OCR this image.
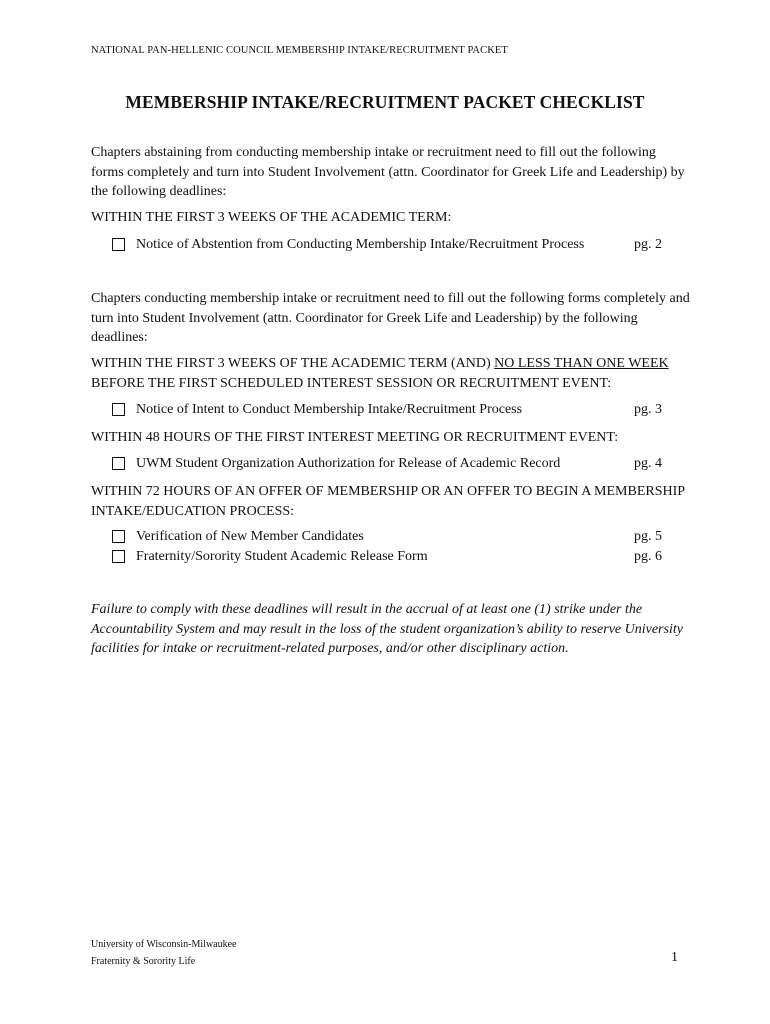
NATIONAL PAN-HELLENIC COUNCIL MEMBERSHIP INTAKE/RECRUITMENT PACKET
MEMBERSHIP INTAKE/RECRUITMENT PACKET CHECKLIST
Chapters abstaining from conducting membership intake or recruitment need to fill out the following forms completely and turn into Student Involvement (attn. Coordinator for Greek Life and Leadership) by the following deadlines:
WITHIN THE FIRST 3 WEEKS OF THE ACADEMIC TERM:
Notice of Abstention from Conducting Membership Intake/Recruitment Process	pg. 2
Chapters conducting membership intake or recruitment need to fill out the following forms completely and turn into Student Involvement (attn. Coordinator for Greek Life and Leadership) by the following deadlines:
WITHIN THE FIRST 3 WEEKS OF THE ACADEMIC TERM (AND) NO LESS THAN ONE WEEK BEFORE THE FIRST SCHEDULED INTEREST SESSION OR RECRUITMENT EVENT:
Notice of Intent to Conduct Membership Intake/Recruitment Process	pg. 3
WITHIN 48 HOURS OF THE FIRST INTEREST MEETING OR RECRUITMENT EVENT:
UWM Student Organization Authorization for Release of Academic Record	pg. 4
WITHIN 72 HOURS OF AN OFFER OF MEMBERSHIP OR AN OFFER TO BEGIN A MEMBERSHIP INTAKE/EDUCATION PROCESS:
Verification of New Member Candidates	pg. 5
Fraternity/Sorority Student Academic Release Form	pg. 6
Failure to comply with these deadlines will result in the accrual of at least one (1) strike under the Accountability System and may result in the loss of the student organization’s ability to reserve University facilities for intake or recruitment-related purposes, and/or other disciplinary action.
University of Wisconsin-Milwaukee
Fraternity & Sorority Life	1
